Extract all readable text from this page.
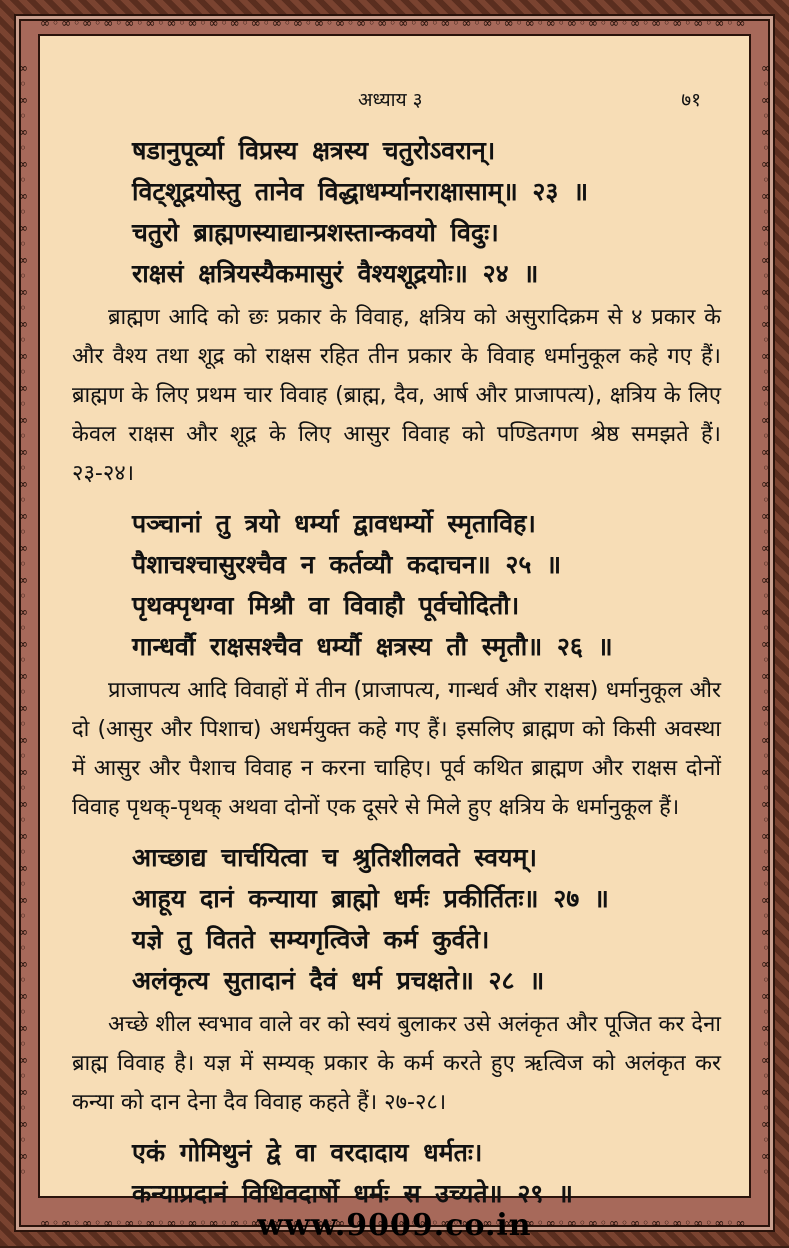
∞◦∞◦∞◦∞◦∞◦∞◦∞◦∞◦∞◦∞◦∞◦∞◦∞◦∞◦∞◦∞◦∞◦∞◦∞◦∞◦∞◦∞◦∞◦∞◦∞◦∞◦∞◦∞◦∞◦∞◦∞◦∞◦∞◦∞
∞◦∞◦∞◦∞◦∞◦∞◦∞◦∞◦∞◦∞◦∞◦∞◦∞◦∞◦∞◦∞◦∞◦∞◦∞◦∞◦∞◦∞◦∞◦∞◦∞◦∞◦∞◦∞◦∞◦∞◦∞◦∞◦∞◦∞
∞
◦
∞
◦
∞
◦
∞
◦
∞
◦
∞
◦
∞
◦
∞
◦
∞
◦
∞
◦
∞
◦
∞
◦
∞
◦
∞
◦
∞
◦
∞
◦
∞
◦
∞
◦
∞
◦
∞
◦
∞
◦
∞
◦
∞
◦
∞
◦
∞
◦
∞
◦
∞
◦
∞
◦
∞
◦
∞
◦
∞
◦
∞
◦
∞
◦
∞
◦
∞
◦

∞
◦
∞
◦
∞
◦
∞
◦
∞
◦
∞
◦
∞
◦
∞
◦
∞
◦
∞
◦
∞
◦
∞
◦
∞
◦
∞
◦
∞
◦
∞
◦
∞
◦
∞
◦
∞
◦
∞
◦
∞
◦
∞
◦
∞
◦
∞
◦
∞
◦
∞
◦
∞
◦
∞
◦
∞
◦
∞
◦
∞
◦
∞
◦
∞
◦
∞
◦
∞
◦

अध्याय ३	७१
षडानुपूर्व्या विप्रस्य क्षत्रस्य चतुरोऽवरान्।
विट्शूद्रयोस्तु तानेव विद्धाधर्म्यानराक्षासाम्॥ २३ ॥
चतुरो ब्राह्मणस्याद्यान्प्रशस्तान्कवयो विदुः।
राक्षसं क्षत्रियस्यैकमासुरं वैश्यशूद्रयोः॥ २४ ॥
ब्राह्मण आदि को छः प्रकार के विवाह, क्षत्रिय को असुरादिक्रम से ४ प्रकार के और वैश्य तथा शूद्र को राक्षस रहित तीन प्रकार के विवाह धर्मानुकूल कहे गए हैं। ब्राह्मण के लिए प्रथम चार विवाह (ब्राह्म, दैव, आर्ष और प्राजापत्य), क्षत्रिय के लिए केवल राक्षस और शूद्र के लिए आसुर विवाह को पण्डितगण श्रेष्ठ समझते हैं। २३-२४।
पञ्चानां तु त्रयो धर्म्या द्वावधर्म्यो स्मृताविह।
पैशाचश्चासुरश्चैव न कर्तव्यौ कदाचन॥ २५ ॥
पृथक्पृथग्वा मिश्रौ वा विवाहौ पूर्वचोदितौ।
गान्धर्वौ राक्षसश्चैव धर्म्यौ क्षत्रस्य तौ स्मृतौ॥ २६ ॥
प्राजापत्य आदि विवाहों में तीन (प्राजापत्य, गान्धर्व और राक्षस) धर्मानुकूल और दो (आसुर और पिशाच) अधर्मयुक्त कहे गए हैं। इसलिए ब्राह्मण को किसी अवस्था में आसुर और पैशाच विवाह न करना चाहिए। पूर्व कथित ब्राह्मण और राक्षस दोनों विवाह पृथक्-पृथक् अथवा दोनों एक दूसरे से मिले हुए क्षत्रिय के धर्मानुकूल हैं।
आच्छाद्य चार्चयित्वा च श्रुतिशीलवते स्वयम्।
आहूय दानं कन्याया ब्राह्मो धर्मः प्रकीर्तितः॥ २७ ॥
यज्ञे तु वितते सम्यगृत्विजे कर्म कुर्वते।
अलंकृत्य सुतादानं दैवं धर्म प्रचक्षते॥ २८ ॥
अच्छे शील स्वभाव वाले वर को स्वयं बुलाकर उसे अलंकृत और पूजित कर देना ब्राह्म विवाह है। यज्ञ में सम्यक् प्रकार के कर्म करते हुए ऋत्विज को अलंकृत कर कन्या को दान देना दैव विवाह कहते हैं। २७-२८।
एकं गोमिथुनं द्वे वा वरदादाय धर्मतः।
कन्याप्रदानं विधिवदार्षो धर्मः स उच्यते॥ २९ ॥
www.9009.co.in
